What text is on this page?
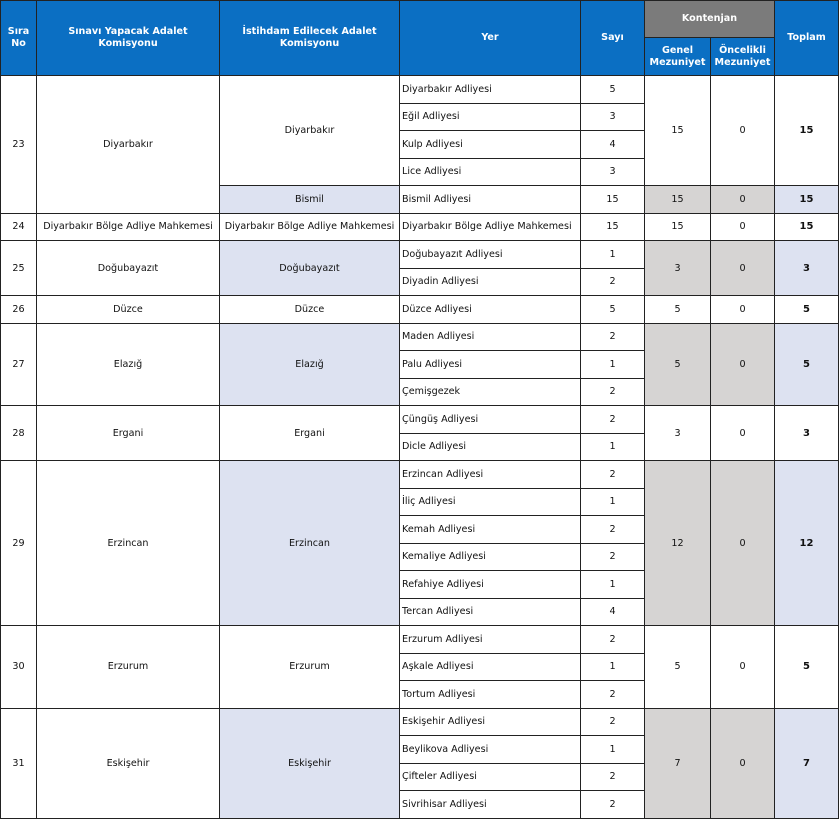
Sıra No	Sınavı Yapacak Adalet Komisyonu	İstihdam Edilecek Adalet Komisyonu	Yer	Sayı	Kontenjan		Toplam
					Genel Mezuniyet	Öncelikli Mezuniyet	
23	Diyarbakır	Diyarbakır	Diyarbakır Adliyesi	5	15	0	15
			Eğil Adliyesi	3			
			Kulp Adliyesi	4			
			Lice Adliyesi	3			
		Bismil	Bismil Adliyesi	15	15	0	15
24	Diyarbakır Bölge Adliye Mahkemesi	Diyarbakır Bölge Adliye Mahkemesi	Diyarbakır Bölge Adliye Mahkemesi	15	15	0	15
25	Doğubayazıt	Doğubayazıt	Doğubayazıt Adliyesi	1	3	0	3
			Diyadin Adliyesi	2			
26	Düzce	Düzce	Düzce Adliyesi	5	5	0	5
27	Elazığ	Elazığ	Maden Adliyesi	2	5	0	5
			Palu Adliyesi	1			
			Çemişgezek	2			
28	Ergani	Ergani	Çüngüş Adliyesi	2	3	0	3
			Dicle Adliyesi	1			
29	Erzincan	Erzincan	Erzincan Adliyesi	2	12	0	12
			İliç Adliyesi	1			
			Kemah Adliyesi	2			
			Kemaliye Adliyesi	2			
			Refahiye Adliyesi	1			
			Tercan Adliyesi	4			
30	Erzurum	Erzurum	Erzurum Adliyesi	2	5	0	5
			Aşkale Adliyesi	1			
			Tortum Adliyesi	2			
31	Eskişehir	Eskişehir	Eskişehir Adliyesi	2	7	0	7
			Beylikova Adliyesi	1			
			Çifteler Adliyesi	2			
			Sivrihisar Adliyesi	2			
